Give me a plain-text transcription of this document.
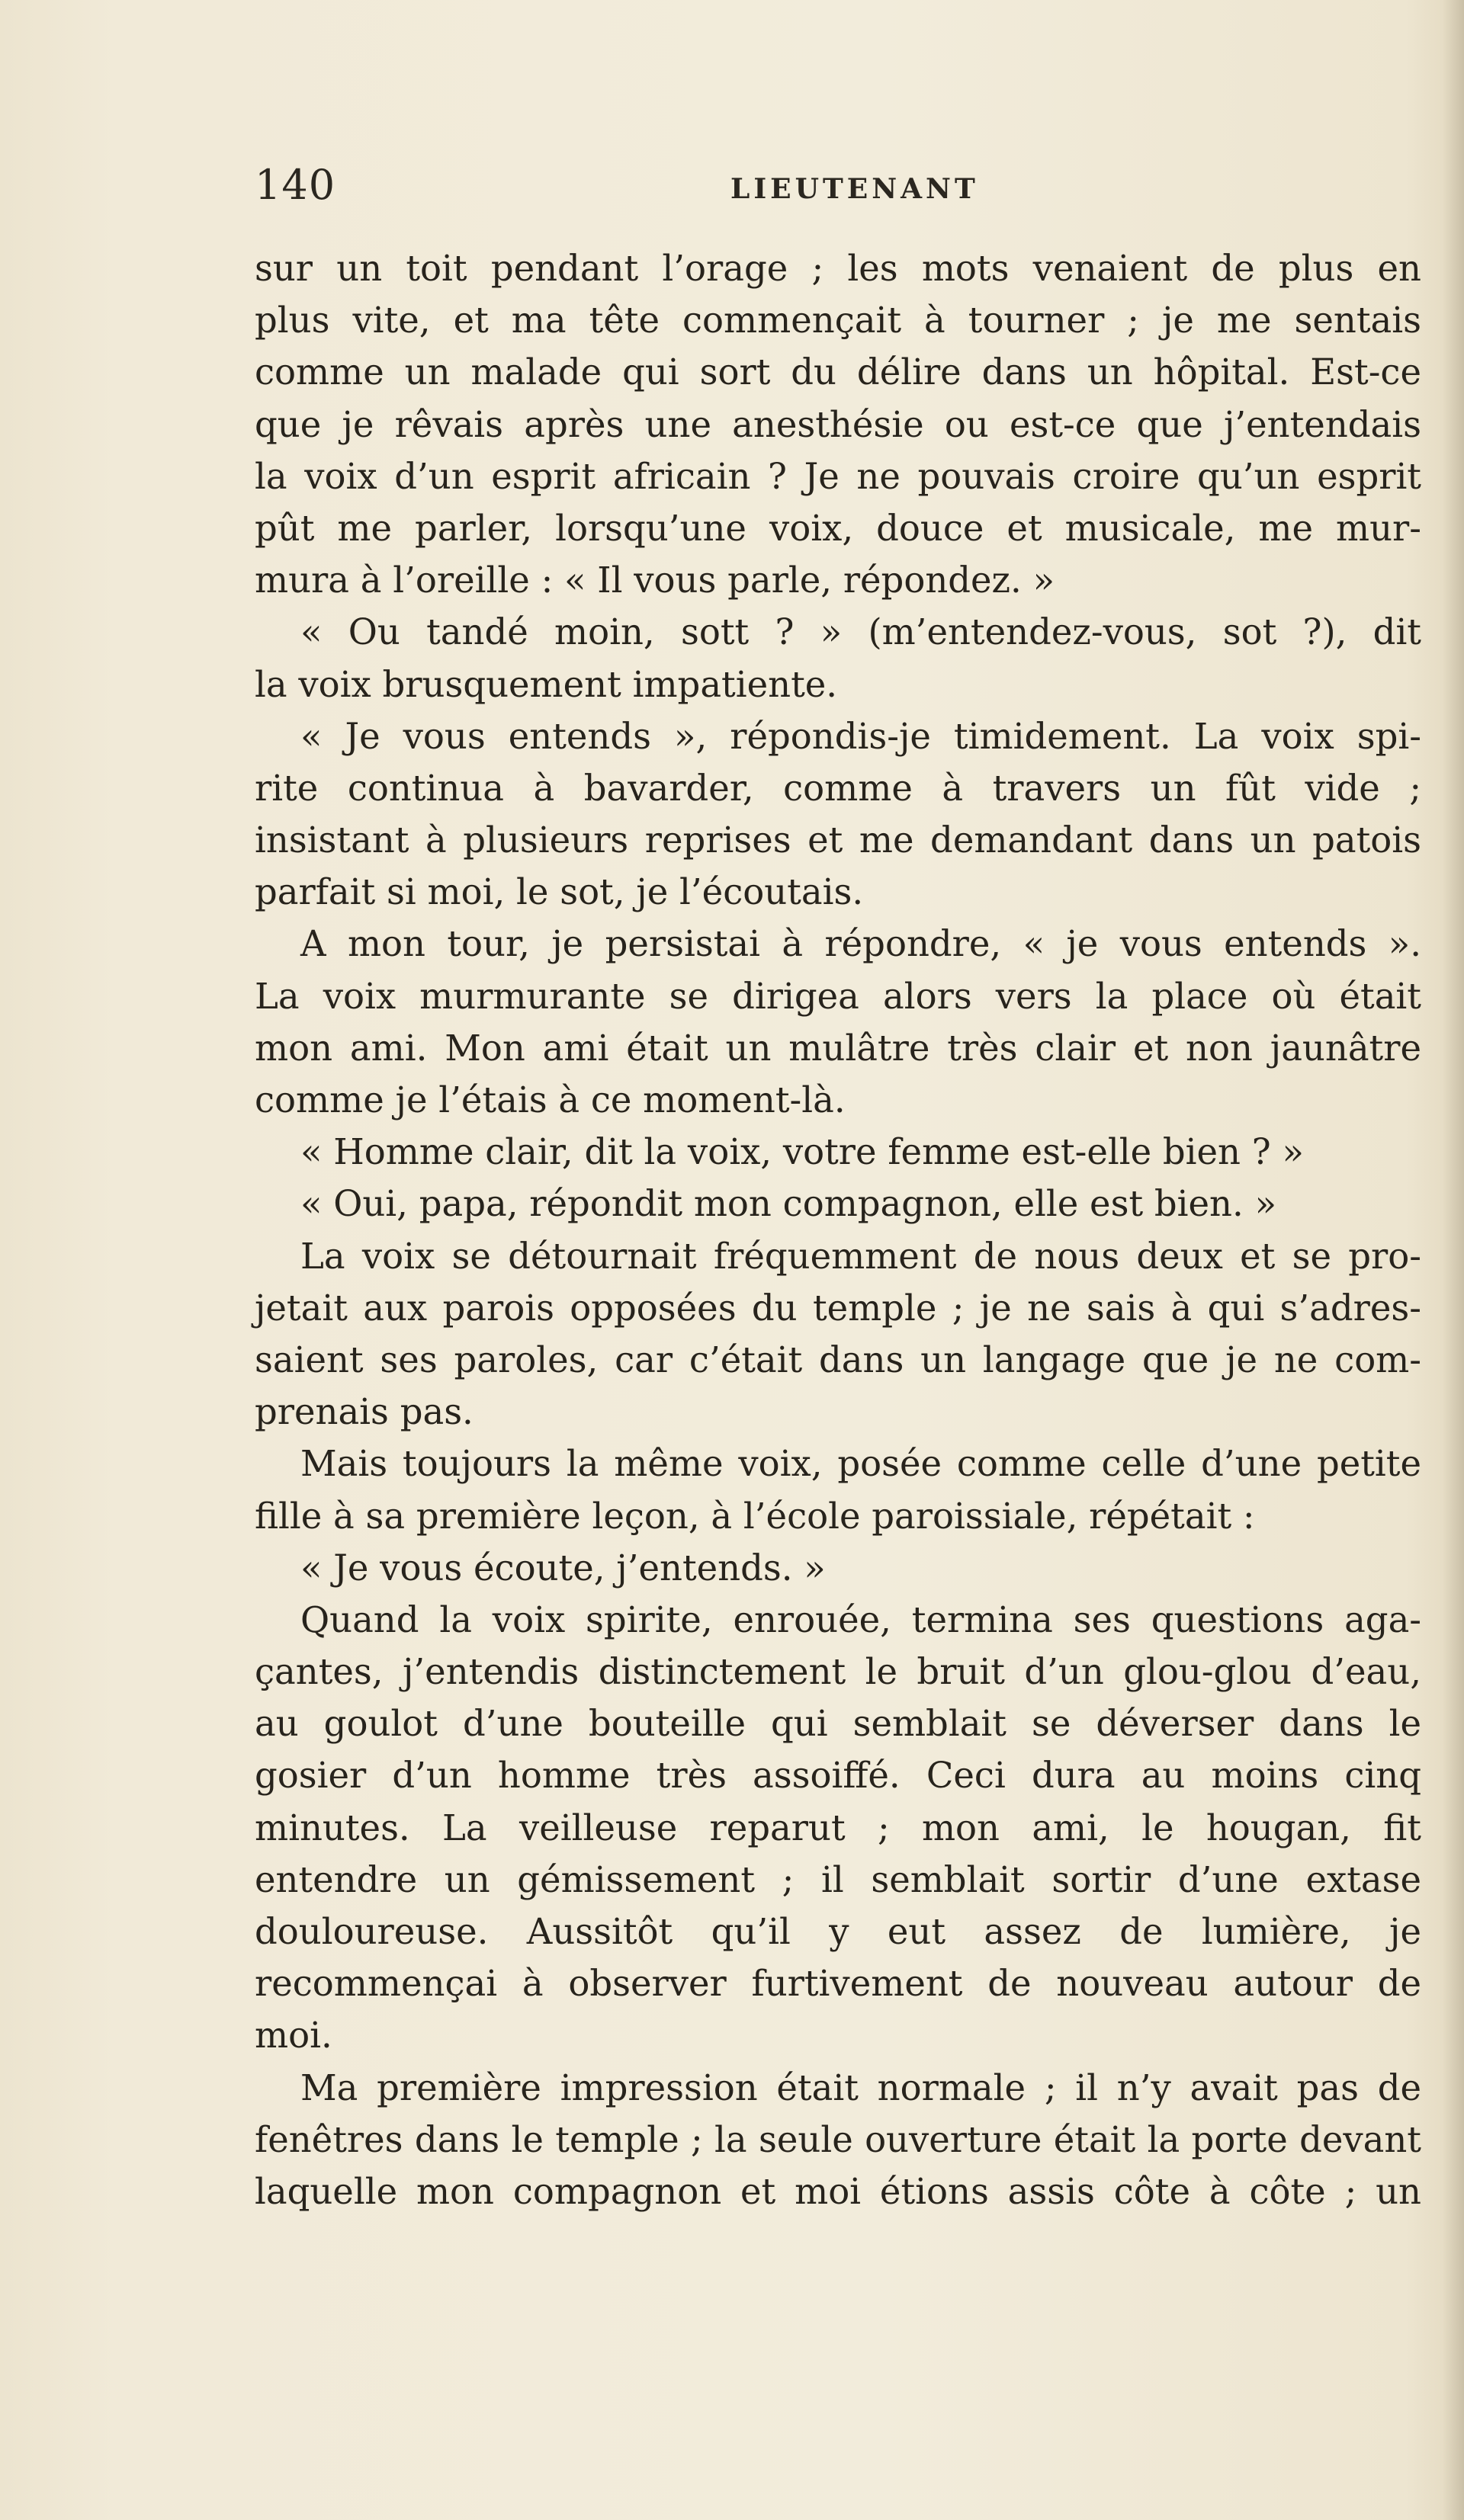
140	LIEUTENANT
sur un toit pendant l’orage ; les mots venaient de plus en
plus vite, et ma tête commençait à tourner ; je me sentais
comme un malade qui sort du délire dans un hôpital. Est-ce
que je rêvais après une anesthésie ou est-ce que j’entendais
la voix d’un esprit africain ? Je ne pouvais croire qu’un esprit
pût me parler, lorsqu’une voix, douce et musicale, me mur-
mura à l’oreille : « Il vous parle, répondez. »
« Ou tandé moin, sott ? » (m’entendez-vous, sot ?), dit
la voix brusquement impatiente.
« Je vous entends », répondis-je timidement. La voix spi-
rite continua à bavarder, comme à travers un fût vide ;
insistant à plusieurs reprises et me demandant dans un patois
parfait si moi, le sot, je l’écoutais.
A mon tour, je persistai à répondre, « je vous entends ».
La voix murmurante se dirigea alors vers la place où était
mon ami. Mon ami était un mulâtre très clair et non jaunâtre
comme je l’étais à ce moment-là.
« Homme clair, dit la voix, votre femme est-elle bien ? »
« Oui, papa, répondit mon compagnon, elle est bien. »
La voix se détournait fréquemment de nous deux et se pro-
jetait aux parois opposées du temple ; je ne sais à qui s’adres-
saient ses paroles, car c’était dans un langage que je ne com-
prenais pas.
Mais toujours la même voix, posée comme celle d’une petite
fille à sa première leçon, à l’école paroissiale, répétait :
« Je vous écoute, j’entends. »
Quand la voix spirite, enrouée, termina ses questions aga-
çantes, j’entendis distinctement le bruit d’un glou-glou d’eau,
au goulot d’une bouteille qui semblait se déverser dans le
gosier d’un homme très assoiffé. Ceci dura au moins cinq
minutes. La veilleuse reparut ; mon ami, le hougan, fit
entendre un gémissement ; il semblait sortir d’une extase
douloureuse. Aussitôt qu’il y eut assez de lumière, je
recommençai à observer furtivement de nouveau autour de
moi.
Ma première impression était normale ; il n’y avait pas de
fenêtres dans le temple ; la seule ouverture était la porte devant
laquelle mon compagnon et moi étions assis côte à côte ; un
